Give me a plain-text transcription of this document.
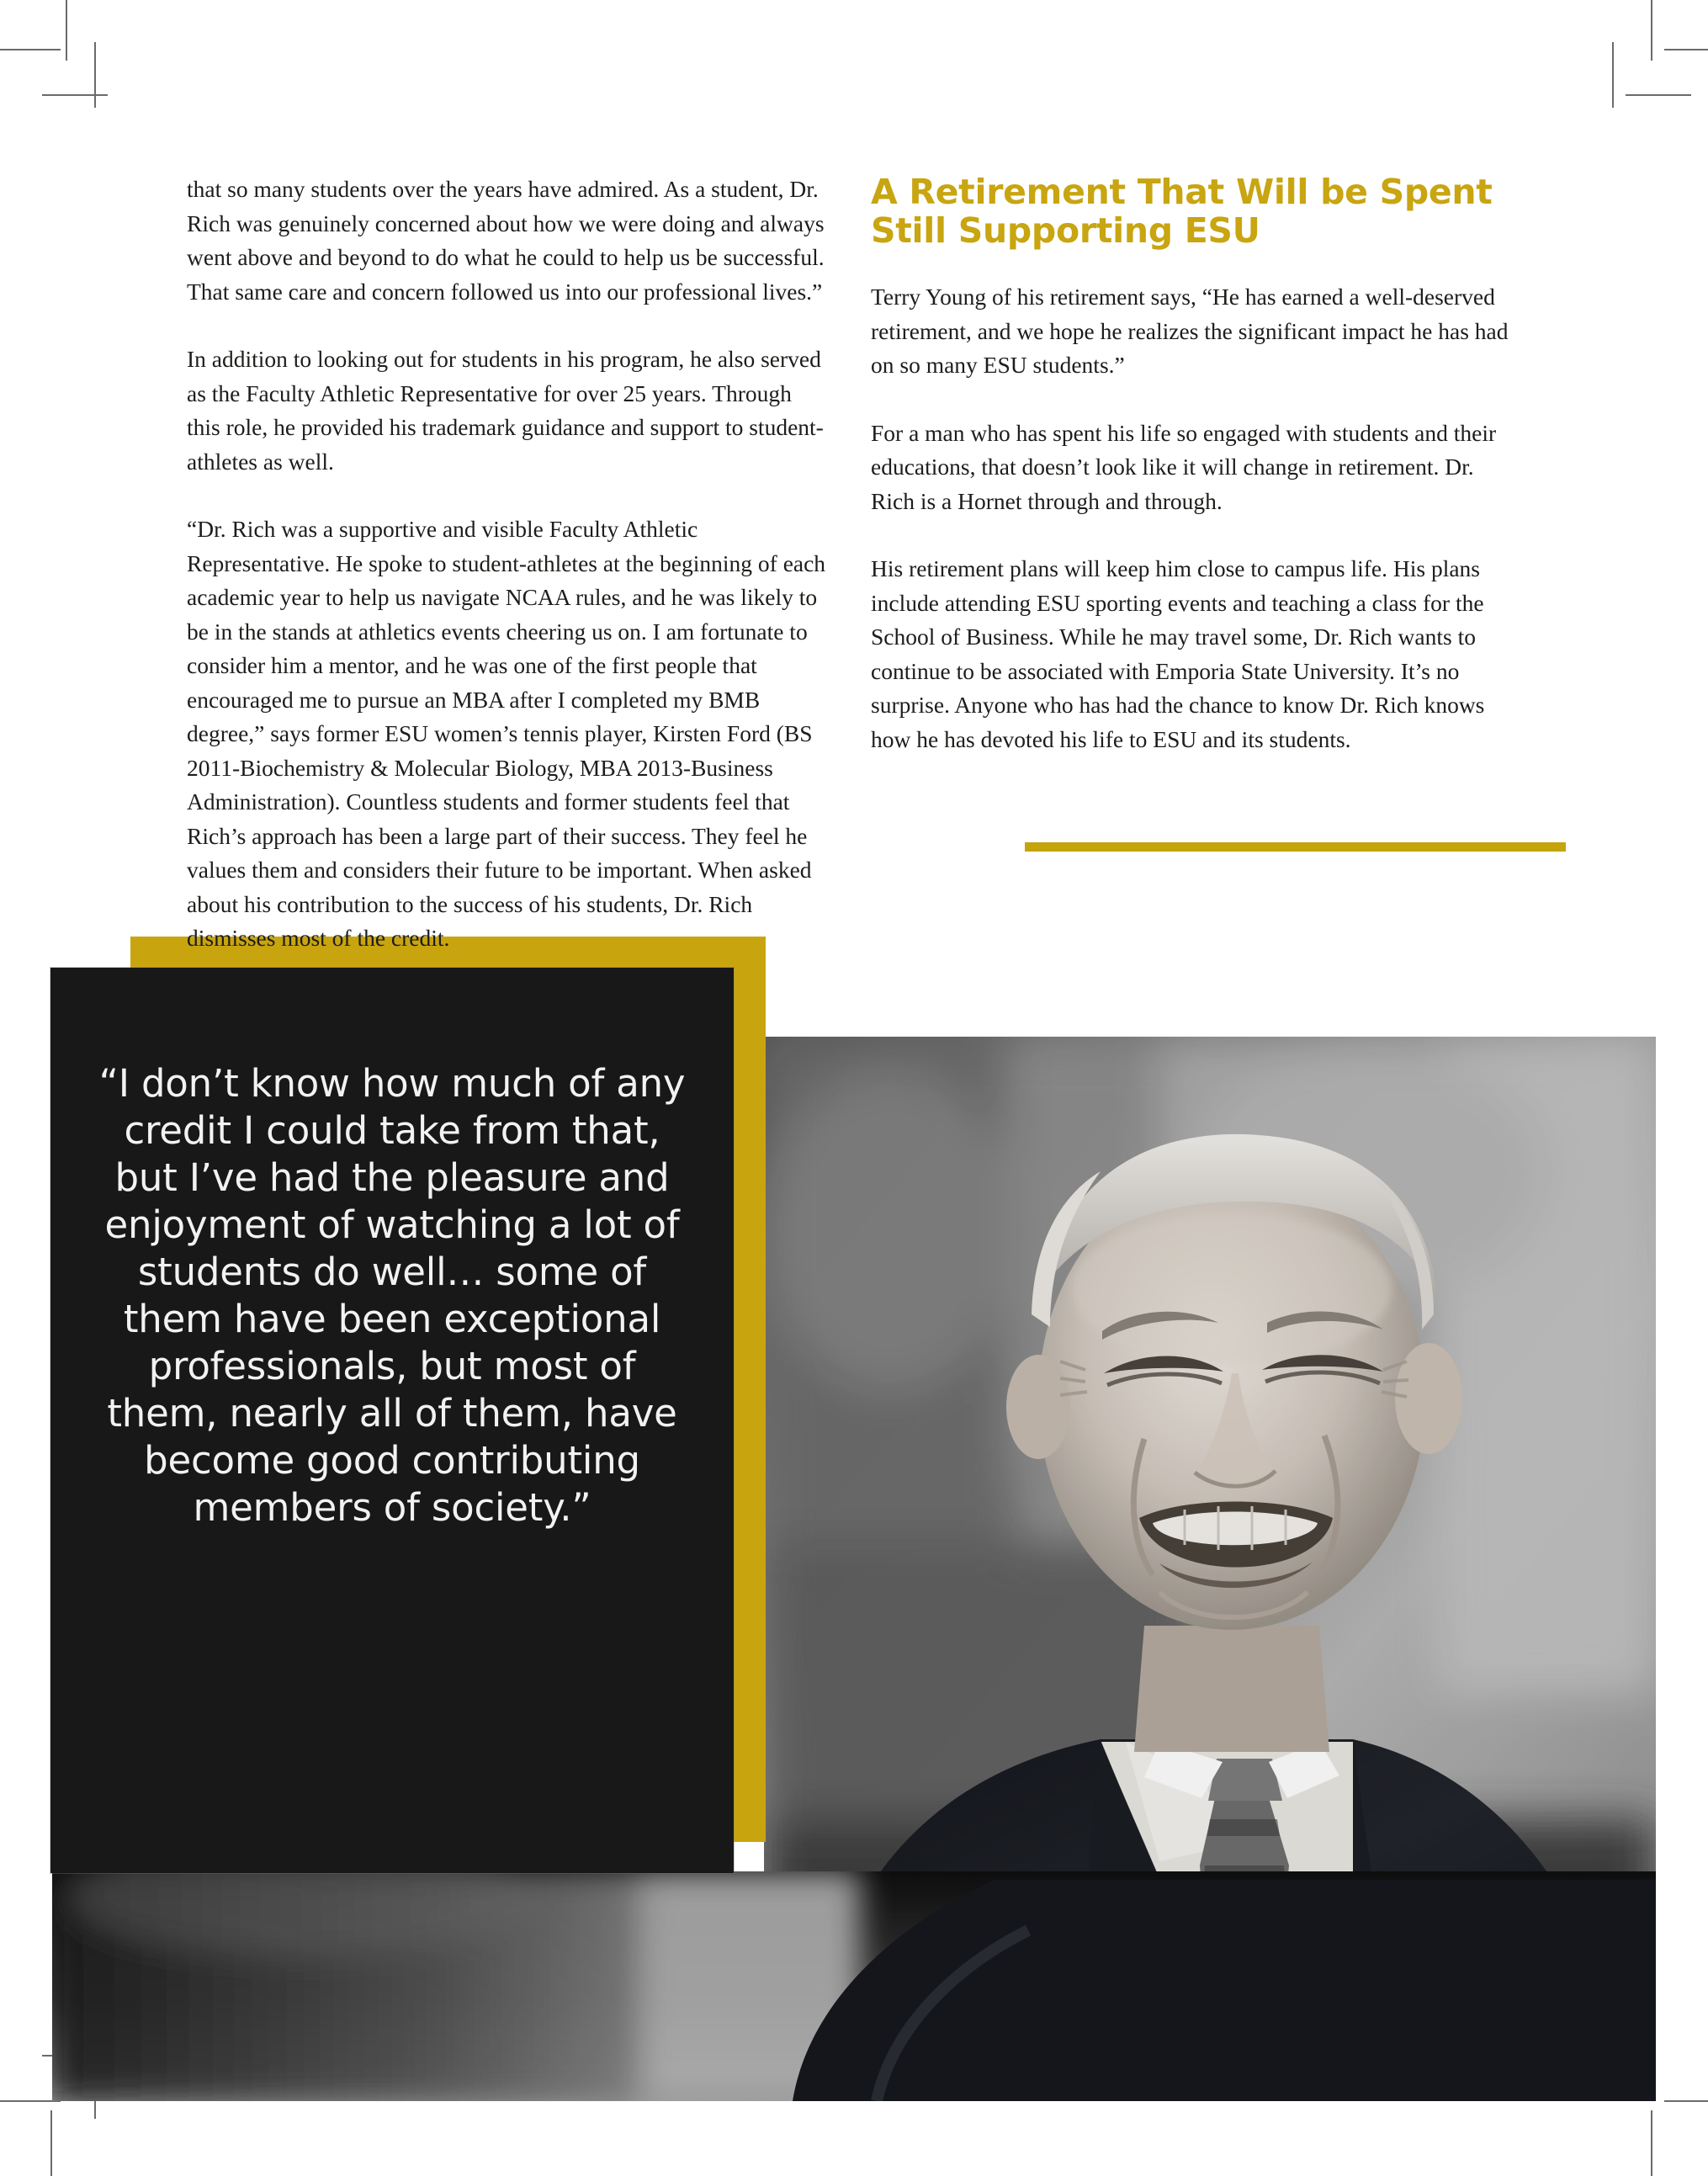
“I don’t know how much of any credit I could take from that, but I’ve had the pleasure and enjoyment of watching a lot of students do well… some of them have been exceptional professionals, but most of them, nearly all of them, have become good contributing members of society.”

that so many students over the years have admired. As a student, Dr. Rich was genuinely concerned about how we were doing and always went above and beyond to do what he could to help us be successful. That same care and concern followed us into our professional lives.”

In addition to looking out for students in his program, he also served as the Faculty Athletic Representative for over 25 years. Through this role, he provided his trademark guidance and support to student-athletes as well.

“Dr. Rich was a supportive and visible Faculty Athletic Representative. He spoke to student-athletes at the beginning of each academic year to help us navigate NCAA rules, and he was likely to be in the stands at athletics events cheering us on. I am fortunate to consider him a mentor, and he was one of the first people that encouraged me to pursue an MBA after I completed my BMB degree,” says former ESU women’s tennis player, Kirsten Ford (BS 2011-Biochemistry & Molecular Biology, MBA 2013-Business Administration). Countless students and former students feel that Rich’s approach has been a large part of their success. They feel he values them and considers their future to be important. When asked about his contribution to the success of his students, Dr. Rich dismisses most of the credit.

A Retirement That Will be Spent Still Supporting ESU

Terry Young of his retirement says, “He has earned a well-deserved retirement, and we hope he realizes the significant impact he has had on so many ESU students.”

For a man who has spent his life so engaged with students and their educations, that doesn’t look like it will change in retirement. Dr. Rich is a Hornet through and through.

His retirement plans will keep him close to campus life. His plans include attending ESU sporting events and teaching a class for the School of Business. While he may travel some, Dr. Rich wants to continue to be associated with Emporia State University. It’s no surprise. Anyone who has had the chance to know Dr. Rich knows how he has devoted his life to ESU and its students.
